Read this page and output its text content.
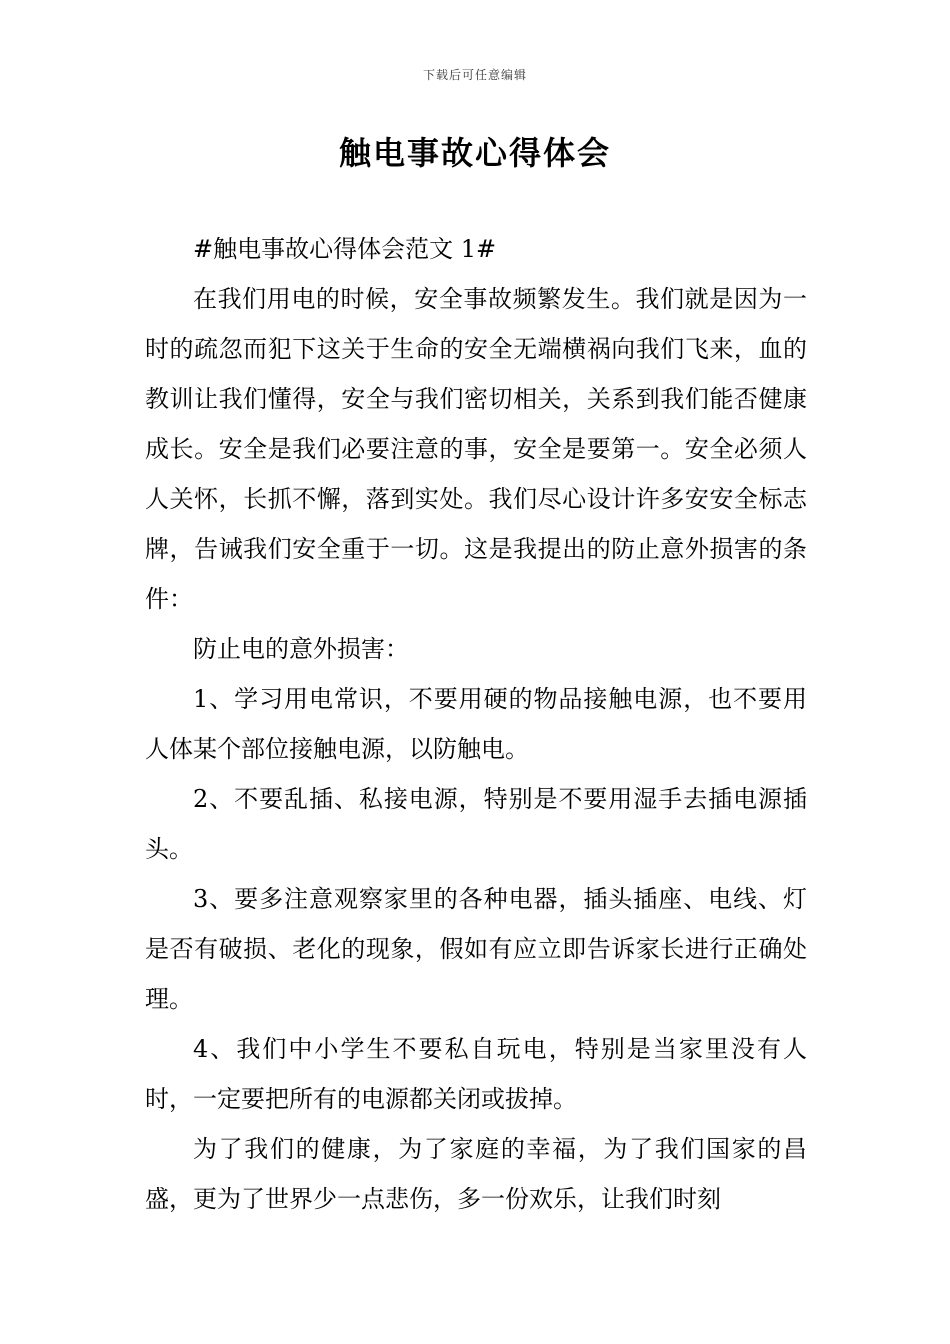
下载后可任意编辑
触电事故心得体会

#触电事故心得体会范文 1#

在我们用电的时候，安全事故频繁发生。我们就是因为一时的疏忽而犯下这关于生命的安全无端横祸向我们飞来，血的教训让我们懂得，安全与我们密切相关，关系到我们能否健康成长。安全是我们必要注意的事，安全是要第一。安全必须人人关怀，长抓不懈，落到实处。我们尽心设计许多安安全标志牌，告诫我们安全重于一切。这是我提出的防止意外损害的条件：

防止电的意外损害：

1、学习用电常识，不要用硬的物品接触电源，也不要用人体某个部位接触电源，以防触电。

2、不要乱插、私接电源，特别是不要用湿手去插电源插头。

3、要多注意观察家里的各种电器，插头插座、电线、灯是否有破损、老化的现象，假如有应立即告诉家长进行正确处理。

4、我们中小学生不要私自玩电，特别是当家里没有人时，一定要把所有的电源都关闭或拔掉。

为了我们的健康，为了家庭的幸福，为了我们国家的昌盛，更为了世界少一点悲伤，多一份欢乐，让我们时刻
